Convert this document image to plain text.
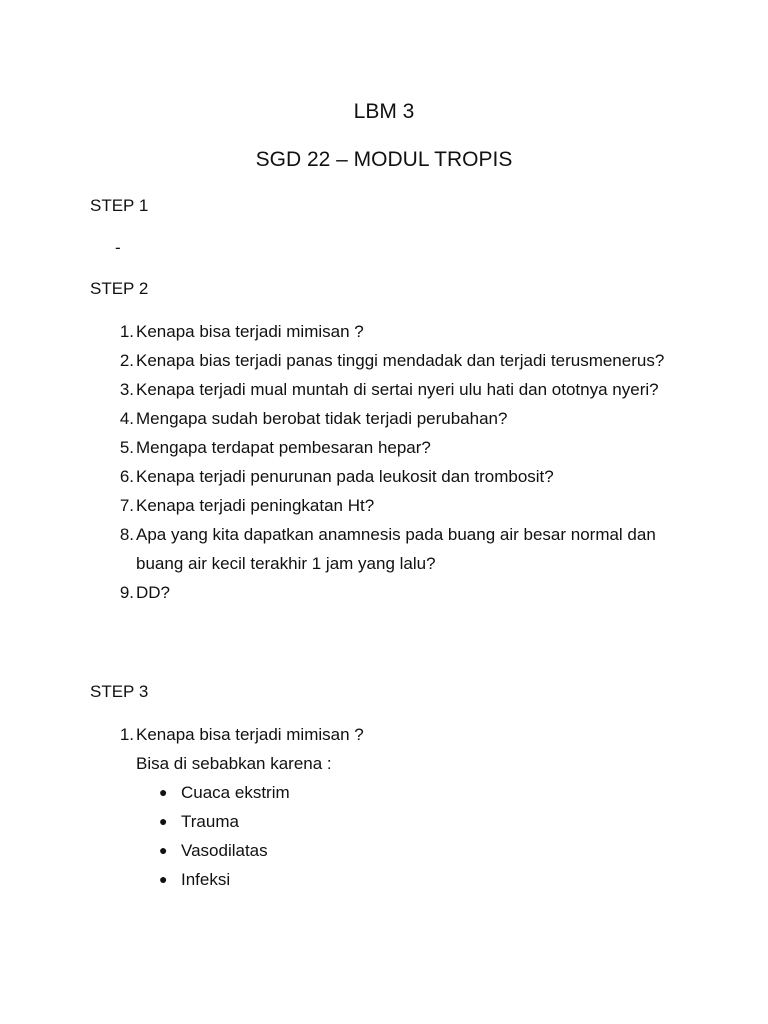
LBM 3
SGD 22 – MODUL TROPIS
STEP 1
-
STEP 2
1. Kenapa bisa terjadi mimisan ?
2. Kenapa bias terjadi panas tinggi mendadak dan terjadi terusmenerus?
3. Kenapa terjadi mual muntah di sertai nyeri ulu hati dan ototnya nyeri?
4. Mengapa sudah berobat tidak terjadi perubahan?
5. Mengapa terdapat pembesaran hepar?
6. Kenapa terjadi penurunan pada leukosit dan trombosit?
7. Kenapa terjadi peningkatan Ht?
8. Apa yang kita dapatkan anamnesis pada buang air besar normal dan buang air kecil terakhir 1 jam yang lalu?
9. DD?
STEP 3
1. Kenapa bisa terjadi mimisan ?
Bisa di sebabkan karena :
● Cuaca ekstrim
● Trauma
● Vasodilatas
● Infeksi
